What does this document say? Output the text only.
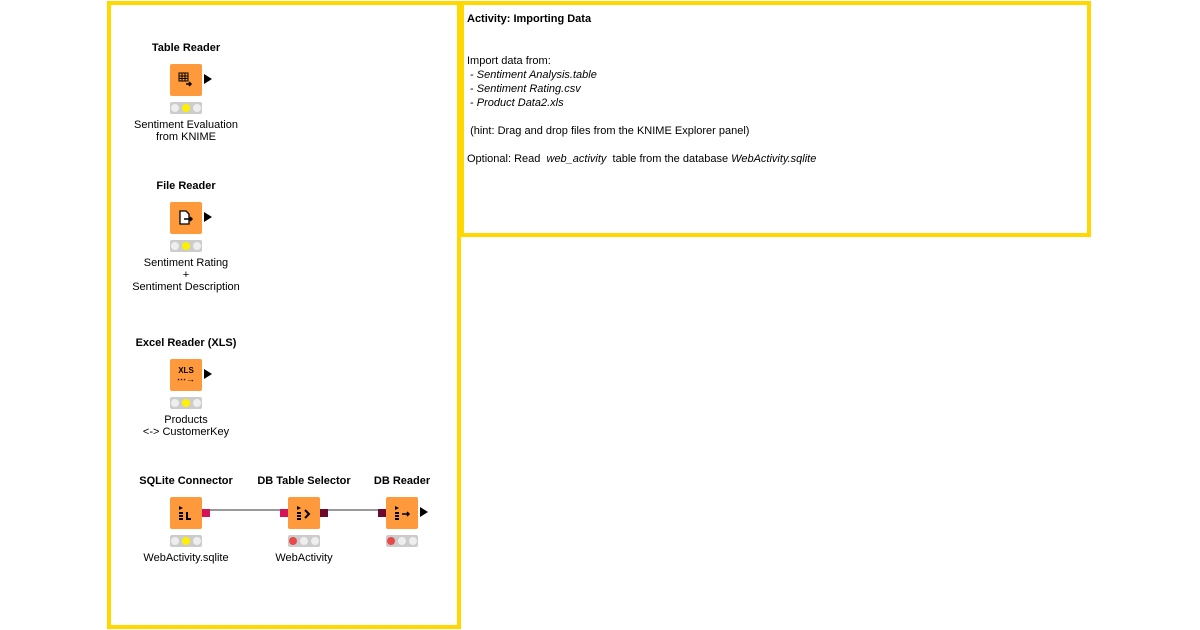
Activity: Importing Data
Import data from:
- Sentiment Analysis.table
- Sentiment Rating.csv
- Product Data2.xls
(hint: Drag and drop files from the KNIME Explorer panel)
Optional: Read  web_activity  table from the database WebActivity.sqlite
Table Reader
Sentiment Evaluation
from KNIME
File Reader
Sentiment Rating
+
Sentiment Description
Excel Reader (XLS)
XLS
⋯→
Products
<-> CustomerKey
SQLite Connector
WebActivity.sqlite
DB Table Selector
WebActivity
DB Reader
